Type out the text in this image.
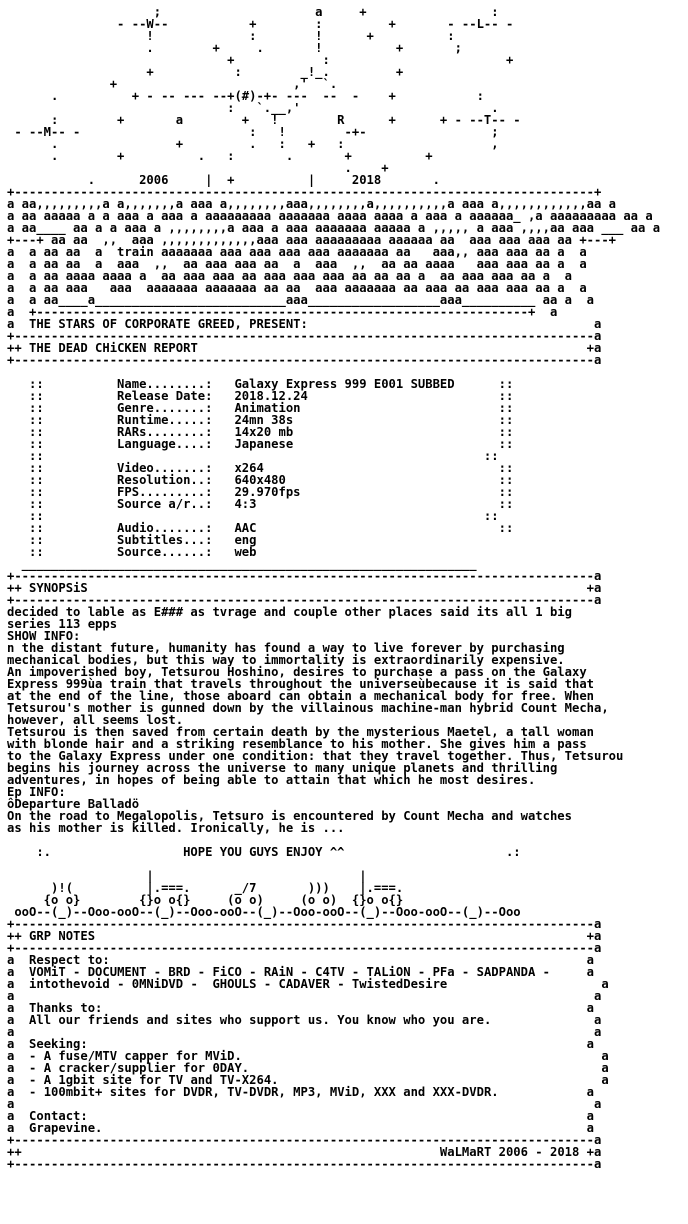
;                     a     +                 :
- --W--           +        :         +       - --L-- -
!             :        !      +          :
.        +     .       !          +       ;
+            :                        +
+           :        _!_.         +
+                        ,'  `.
.          + - -- --- --+(#)-+- ---  --  -    +           :
:   `.__,'                          .
:        +       a        +   !        R      +      + - --T-- -
- --M-- -                       :   !        -+-                 ;
.                +         .   :   +   :                    ,
.        +          .   :       .       +          +
.    +
.      2006     |  +          |     2018       .
+-------------------------------------------------------------------------------+
a aa,,,,,,,,,a a,,,,,,,a aaa a,,,,,,,,aaa,,,,,,,,a,,,,,,,,,,a aaa a,,,,,,,,,,,,aa a
a aa aaaaa a a aaa a aaa a aaaaaaaaa aaaaaaa aaaa aaaa a aaa a aaaaaa_ ,a aaaaaaaaa aa a
a aa____ aa a a aaa a ,,,,,,,,a aaa a aaa aaaaaaa aaaaa a ,,,,, a aaa ,,,,aa aaa ___ aa a
+---+ aa aa  ,,  aaa ,,,,,,,,,,,,,aaa aaa aaaaaaaaa aaaaaa aa  aaa aaa aaa aa +---+
a  a aa aa  a  train aaaaaaa aaa aaa aaa aaa aaaaaaa aa   aaa,, aaa aaa aa a  a
a  a aa aa  a  aaa  ,,  aa aaa aaa aa  a  aaa  ,,  aa aa aaaa   aaa aaa aa a  a
a  a aa aaaa aaaa a  aa aaa aaa aa aaa aaa aaa aa aa aa a  aa aaa aaa aa a  a
a  a aa aaa   aaa  aaaaaaa aaaaaaa aa aa  aaa aaaaaaa aa aaa aa aaa aaa aa a  a
a  a aa____a__________________________aaa__________________aaa__________ aa a  a
a  +-------------------------------------------------------------------+  a
a  THE STARS OF CORPORATE GREED, PRESENT:                                       a
+-------------------------------------------------------------------------------a
++ THE DEAD CHiCKEN REPORT                                                     +a
+-------------------------------------------------------------------------------a

::          Name........:   Galaxy Express 999 E001 SUBBED      ::
::          Release Date:   2018.12.24                          ::
::          Genre.......:   Animation                           ::
::          Runtime.....:   24mn 38s                            ::
::          RARs........:   14x20 mb                            ::
::          Language....:   Japanese                            ::
::                                                            ::
::          Video.......:   x264                                ::
::          Resolution..:   640x480                             ::
::          FPS.........:   29.970fps                           ::
::          Source a/r..:   4:3                                 ::
::                                                            ::
::          Audio.......:   AAC                                 ::
::          Subtitles...:   eng
::          Source......:   web
______________________________________________________________
+-------------------------------------------------------------------------------a
++ SYNOPSiS                                                                    +a
+-------------------------------------------------------------------------------a
decided to lable as E### as tvrage and couple other places said its all 1 big
series 113 epps
SHOW INFO:
n the distant future, humanity has found a way to live forever by purchasing
mechanical bodies, but this way to immortality is extraordinarily expensive.
An impoverished boy, Tetsurou Hoshino, desires to purchase a pass on the Galaxy
Express 999ùa train that travels throughout the universeùbecause it is said that
at the end of the line, those aboard can obtain a mechanical body for free. When
Tetsurou's mother is gunned down by the villainous machine-man hybrid Count Mecha,
however, all seems lost.
Tetsurou is then saved from certain death by the mysterious Maetel, a tall woman
with blonde hair and a striking resemblance to his mother. She gives him a pass
to the Galaxy Express under one condition: that they travel together. Thus, Tetsurou
begins his journey across the universe to many unique planets and thrilling
adventures, in hopes of being able to attain that which he most desires.
Ep INFO:
ôDeparture Balladö
On the road to Megalopolis, Tetsuro is encountered by Count Mecha and watches
as his mother is killed. Ironically, he is ...

:.                  HOPE YOU GUYS ENJOY ^^                      .:

|                            |
)!(          |.===.      _/7       )))    |.===.
{o o}        {}o o{}     (o o)     (o o)  {}o o{}
ooO--(_)--Ooo-ooO--(_)--Ooo-ooO--(_)--Ooo-ooO--(_)--Ooo-ooO--(_)--Ooo
+-------------------------------------------------------------------------------a
++ GRP NOTES                                                                   +a
+-------------------------------------------------------------------------------a
a  Respect to:                                                                 a
a  VOMiT - DOCUMENT - BRD - FiCO - RAiN - C4TV - TALiON - PFa - SADPANDA -     a
a  intothevoid - 0MNiDVD -  GHOULS - CADAVER - TwistedDesire                     a
a                                                                               a
a  Thanks to:                                                                  a
a  All our friends and sites who support us. You know who you are.              a
a                                                                               a
a  Seeking:                                                                    a
a  - A fuse/MTV capper for MViD.                                                 a
a  - A cracker/supplier for 0DAY.                                                a
a  - A 1gbit site for TV and TV-X264.                                            a
a  - 100mbit+ sites for DVDR, TV-DVDR, MP3, MViD, XXX and XXX-DVDR.            a
a                                                                               a
a  Contact:                                                                    a
a  Grapevine.                                                                  a
+-------------------------------------------------------------------------------a
++                                                         WaLMaRT 2006 - 2018 +a
+-------------------------------------------------------------------------------a
